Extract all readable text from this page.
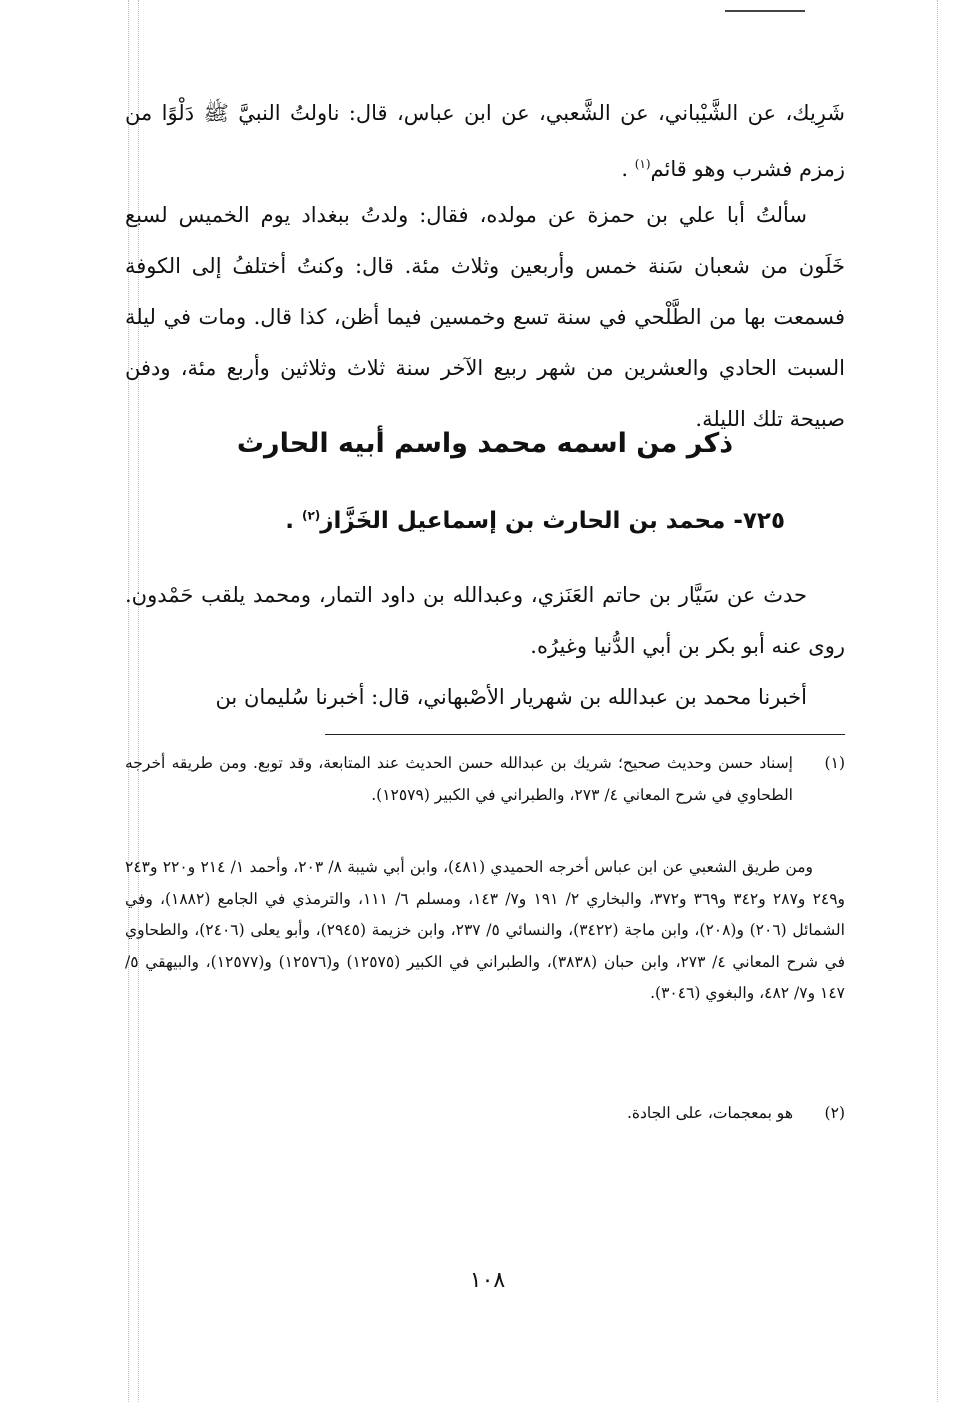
شَرِيك، عن الشَّيْباني، عن الشَّعبي، عن ابن عباس، قال: ناولتُ النبيَّ ﷺ دَلْوًا من زمزم فشرب وهو قائم$^{(١)}$ .

سألتُ أبا علي بن حمزة عن مولده، فقال: ولدتُ ببغداد يوم الخميس لسبع خَلَون من شعبان سَنة خمس وأربعين وثلاث مئة. قال: وكنتُ أختلفُ إلى الكوفة فسمعت بها من الطَّلْحي في سنة تسع وخمسين فيما أظن، كذا قال. ومات في ليلة السبت الحادي والعشرين من شهر ربيع الآخر سنة ثلاث وثلاثين وأربع مئة، ودفن صبيحة تلك الليلة.

ذكر من اسمه محمد واسم أبيه الحارث
٧٢٥- محمد بن الحارث بن إسماعيل الخَزَّاز$^{(٢)}$ .

حدث عن سَيَّار بن حاتم العَنَزي، وعبدالله بن داود التمار، ومحمد يلقب حَمْدون. روى عنه أبو بكر بن أبي الدُّنيا وغيرُه.

أخبرنا محمد بن عبدالله بن شهريار الأصْبهاني، قال: أخبرنا سُليمان بن

(١)
إسناد حسن وحديث صحيح؛ شريك بن عبدالله حسن الحديث عند المتابعة، وقد توبع. ومن طريقه أخرجه الطحاوي في شرح المعاني ٤/ ٢٧٣، والطبراني في الكبير (١٢٥٧٩).
ومن طريق الشعبي عن ابن عباس أخرجه الحميدي (٤٨١)، وابن أبي شيبة ٨/ ٢٠٣، وأحمد ١/ ٢١٤ و٢٢٠ و٢٤٣ و٢٤٩ و٢٨٧ و٣٤٢ و٣٦٩ و٣٧٢، والبخاري ٢/ ١٩١ و٧/ ١٤٣، ومسلم ٦/ ١١١، والترمذي في الجامع (١٨٨٢)، وفي الشمائل (٢٠٦) و(٢٠٨)، وابن ماجة (٣٤٢٢)، والنسائي ٥/ ٢٣٧، وابن خزيمة (٢٩٤٥)، وأبو يعلى (٢٤٠٦)، والطحاوي في شرح المعاني ٤/ ٢٧٣، وابن حبان (٣٨٣٨)، والطبراني في الكبير (١٢٥٧٥) و(١٢٥٧٦) و(١٢٥٧٧)، والبيهقي ٥/ ١٤٧ و٧/ ٤٨٢، والبغوي (٣٠٤٦).
(٢)
هو بمعجمات، على الجادة.

١٠٨
